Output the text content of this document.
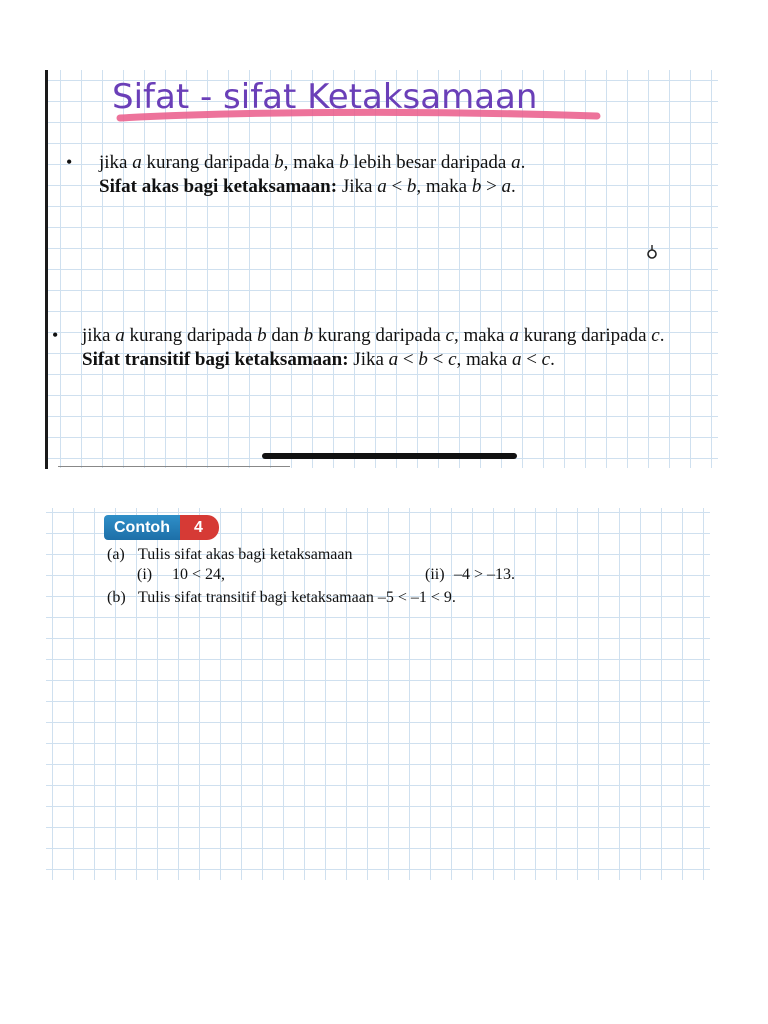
Sifat - sifat Ketaksamaan
• jika a kurang daripada b, maka b lebih besar daripada a.
Sifat akas bagi ketaksamaan: Jika a < b, maka b > a.
• jika a kurang daripada b dan b kurang daripada c, maka a kurang daripada c.
Sifat transitif bagi ketaksamaan: Jika a < b < c, maka a < c.
Contoh	4
(a) Tulis sifat akas bagi ketaksamaan
(i) 10 < 24,	(ii) –4 > –13.
(b) Tulis sifat transitif bagi ketaksamaan –5 < –1 < 9.
